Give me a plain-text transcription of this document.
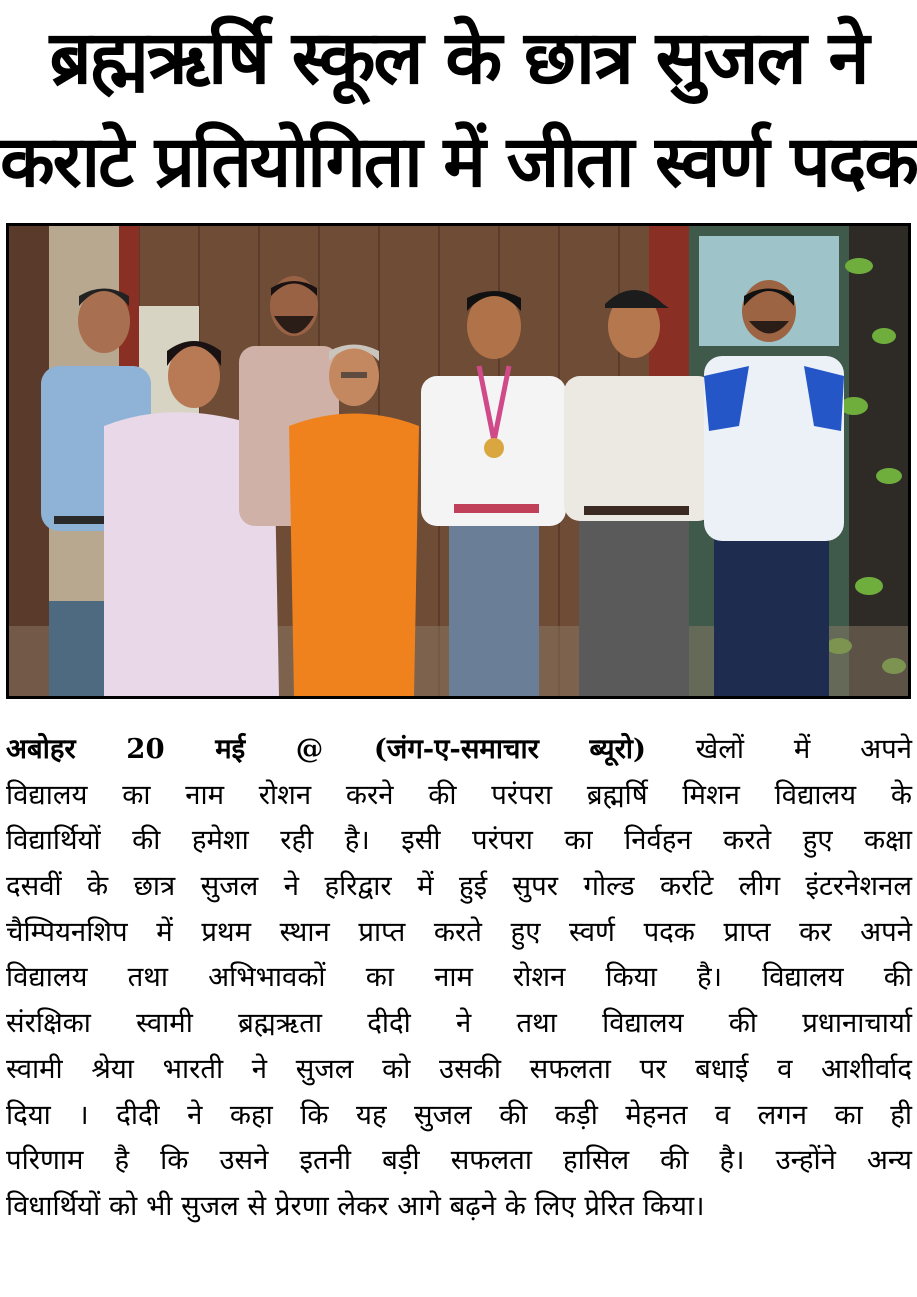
ब्रह्मऋर्षि स्कूल के छात्र सुजल ने
कराटे प्रतियोगिता में जीता स्वर्ण पदक
अबोहर 20 मई @ (जंग-ए-समाचार ब्यूरो) खेलों में अपने
विद्यालय का नाम रोशन करने की परंपरा ब्रह्मर्षि मिशन विद्यालय के
विद्यार्थियों की हमेशा रही है। इसी परंपरा का निर्वहन करते हुए कक्षा
दसवीं के छात्र सुजल ने हरिद्वार में हुई सुपर गोल्ड कर्राटे लीग इंटरनेशनल
चैम्पियनशिप में प्रथम स्थान प्राप्त करते हुए स्वर्ण पदक प्राप्त कर अपने
विद्यालय तथा अभिभावकों का नाम रोशन किया है। विद्यालय की
संरक्षिका स्वामी ब्रह्मऋता दीदी ने तथा विद्यालय की प्रधानाचार्या
स्वामी श्रेया भारती ने सुजल को उसकी सफलता पर बधाई व आशीर्वाद
दिया । दीदी ने कहा कि यह सुजल की कड़ी मेहनत व लगन का ही
परिणाम है कि उसने इतनी बड़ी सफलता हासिल की है। उन्होंने अन्य
विधार्थियों को भी सुजल से प्रेरणा लेकर आगे बढ़ने के लिए प्रेरित किया।
